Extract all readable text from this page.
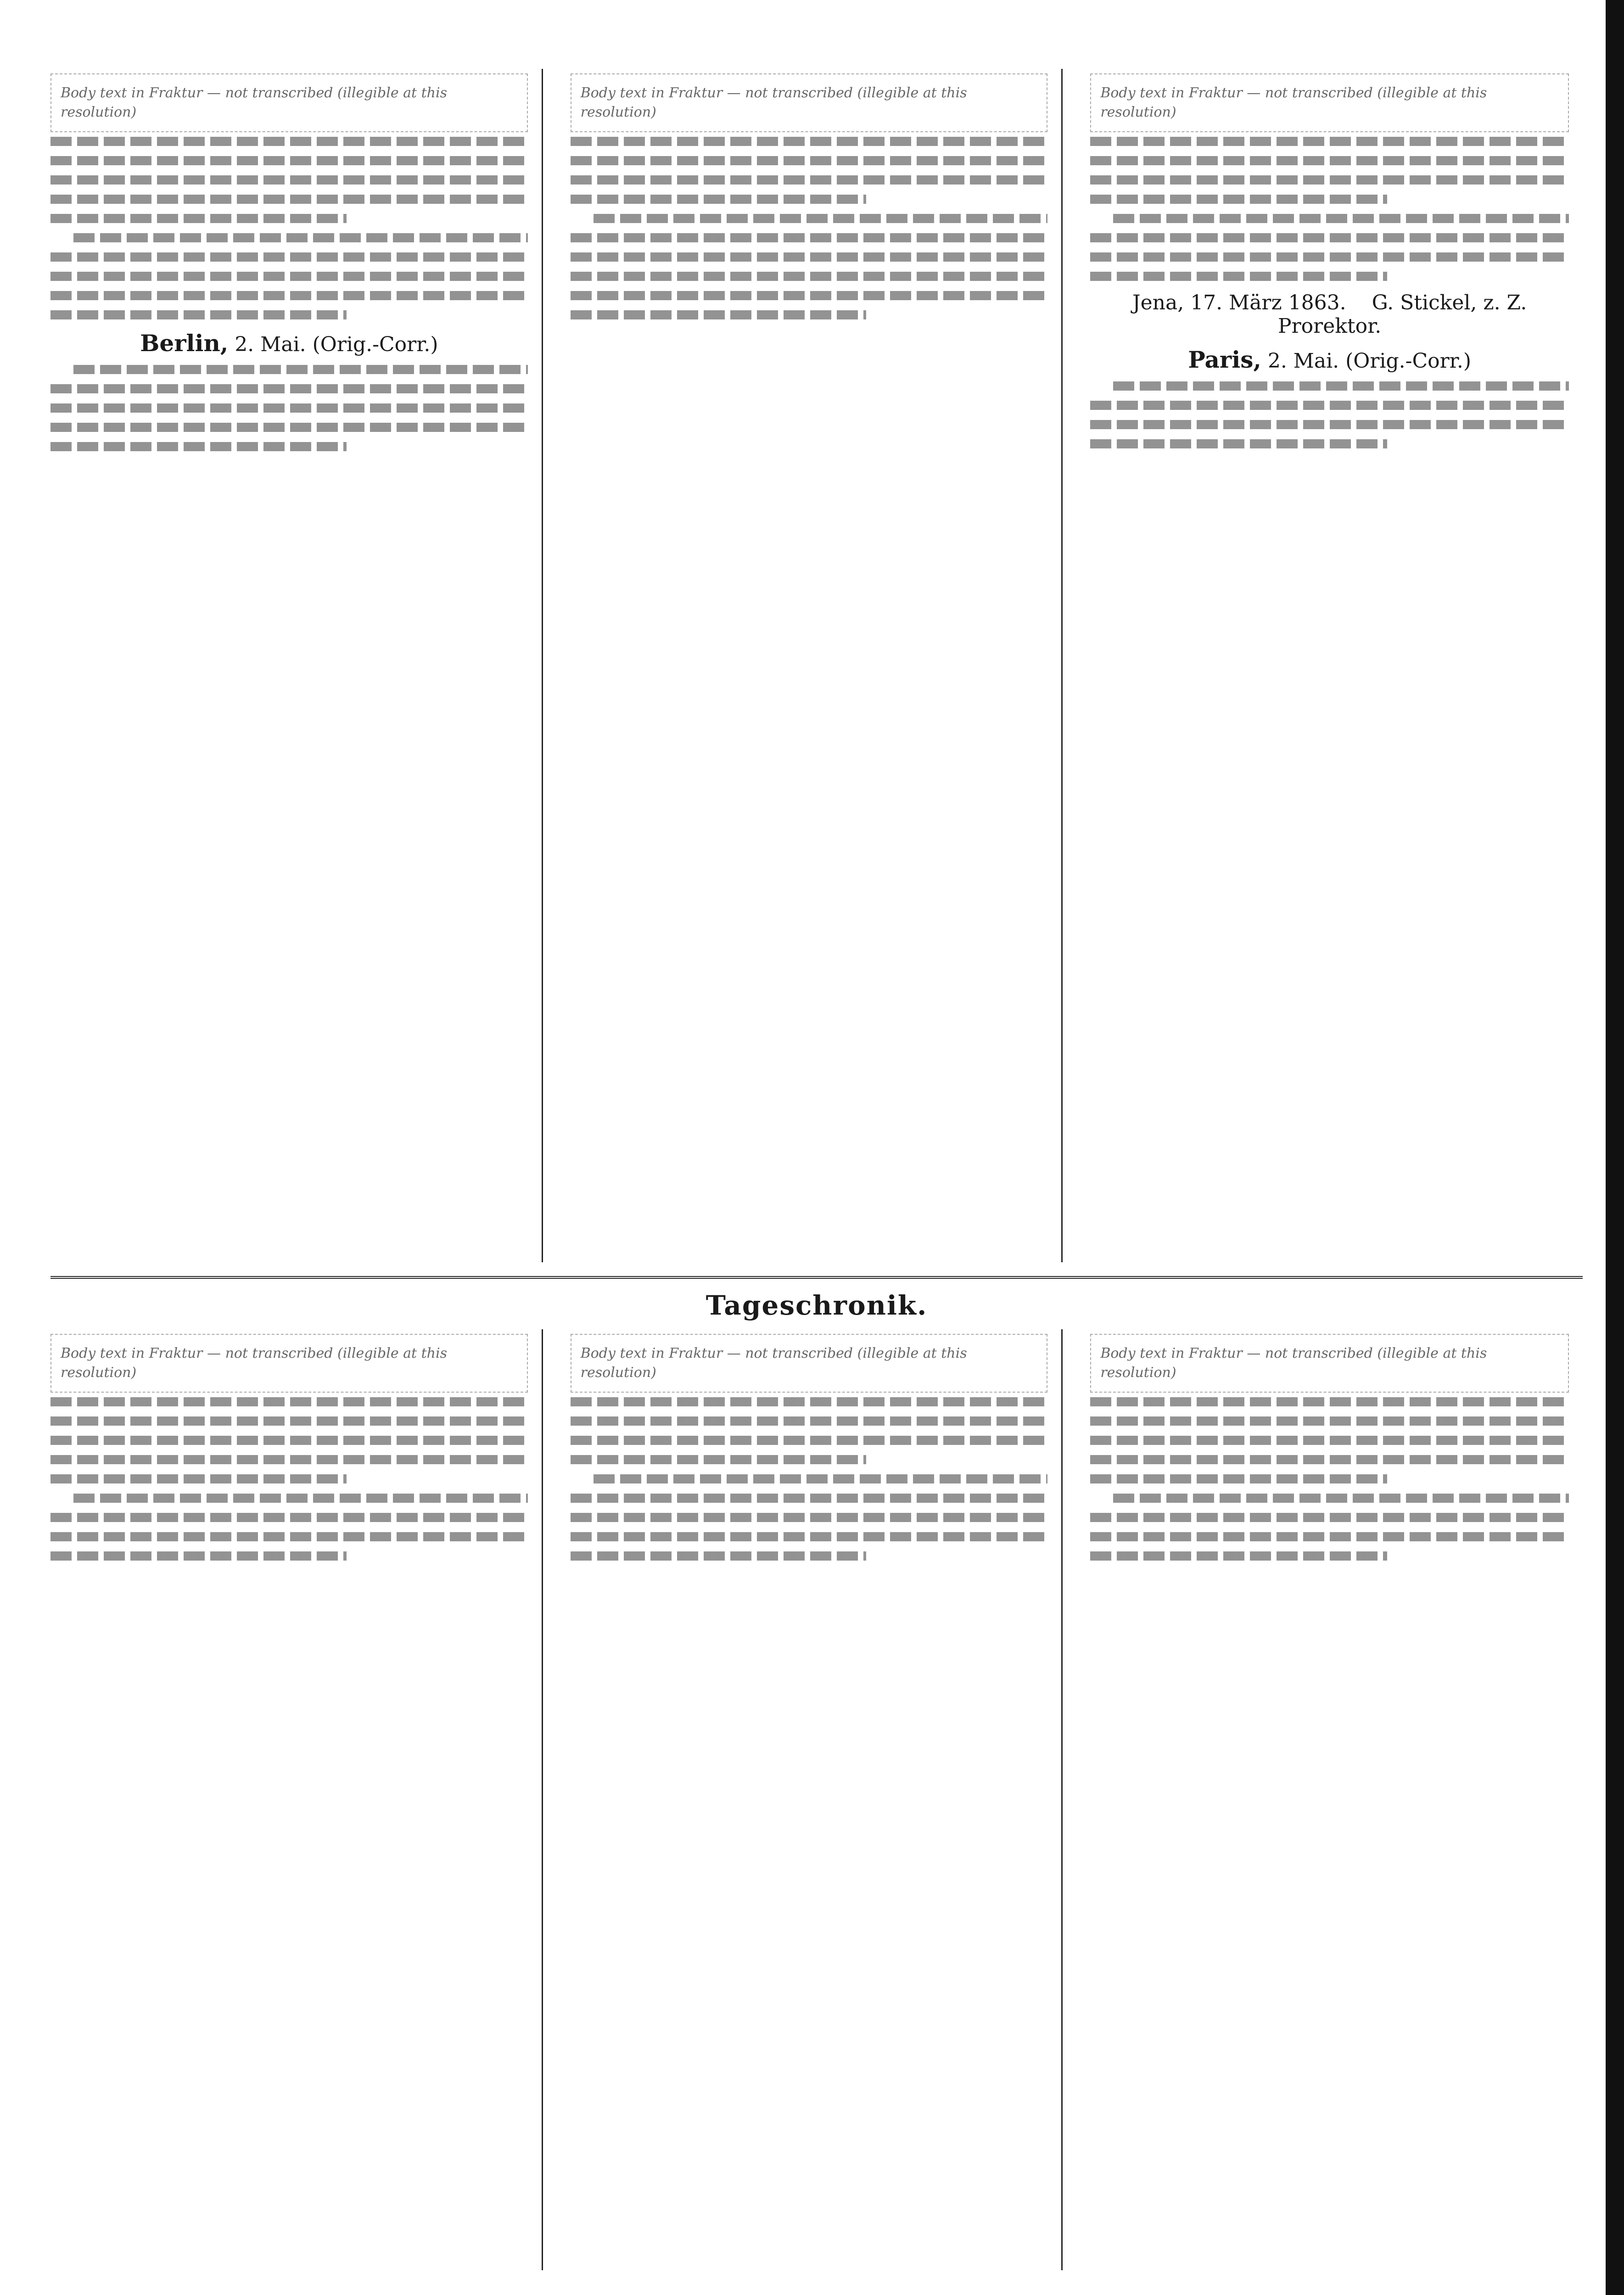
Body text in Fraktur — not transcribed (illegible at this resolution)
Berlin, 2. Mai. (Orig.-Corr.)
Body text in Fraktur — not transcribed (illegible at this resolution)
Body text in Fraktur — not transcribed (illegible at this resolution)
Jena, 17. März 1863. G. Stickel, z. Z. Prorektor.
Paris, 2. Mai. (Orig.-Corr.)
Tageschronik.
Body text in Fraktur — not transcribed (illegible at this resolution)
Body text in Fraktur — not transcribed (illegible at this resolution)
Body text in Fraktur — not transcribed (illegible at this resolution)
